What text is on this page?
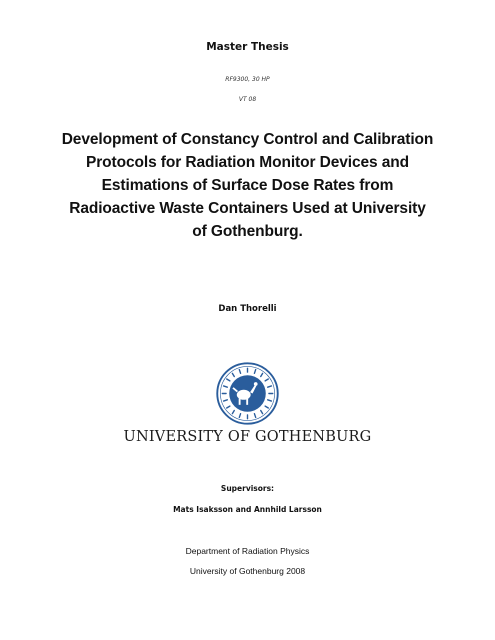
Master Thesis
RF9300, 30 HP
VT 08
Development of Constancy Control and Calibration Protocols for Radiation Monitor Devices and Estimations of Surface Dose Rates from Radioactive Waste Containers Used at University of Gothenburg.
Dan Thorelli
UNIVERSITY OF GOTHENBURG
Supervisors:
Mats Isaksson and Annhild Larsson
Department of Radiation Physics
University of Gothenburg 2008
